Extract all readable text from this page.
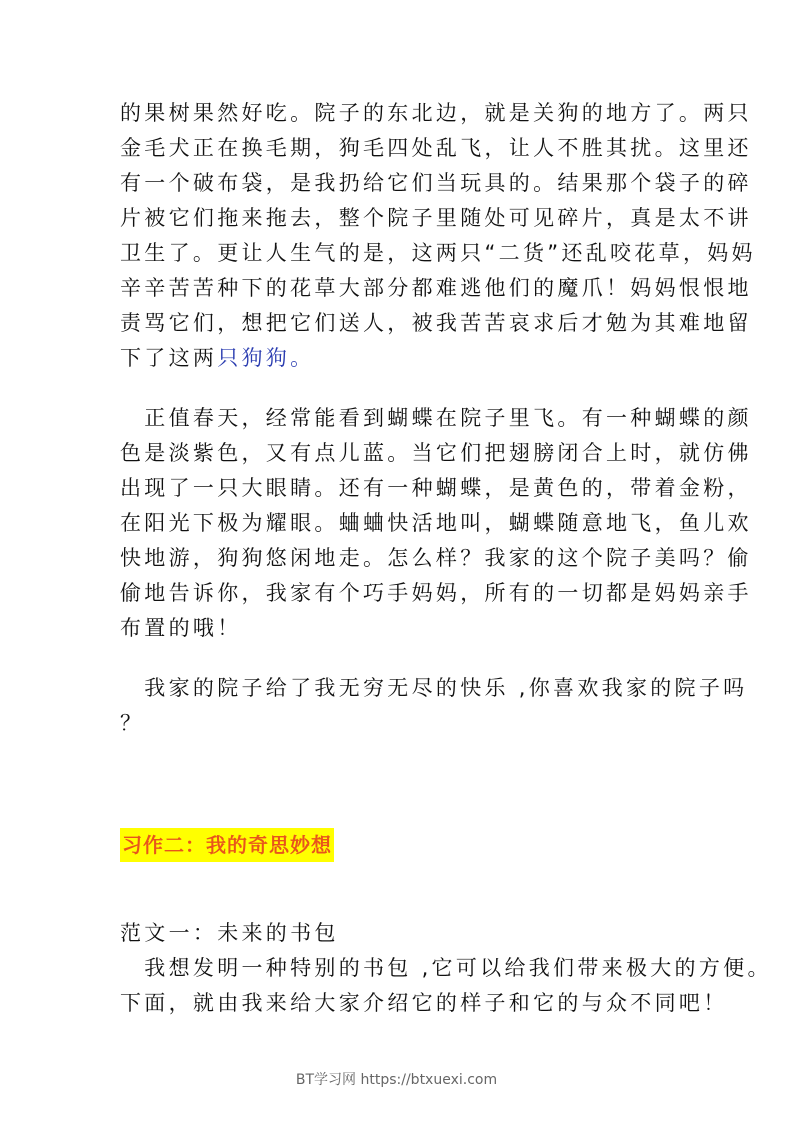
的果树果然好吃。院子的东北边，就是关狗的地方了。两只
金毛犬正在换毛期，狗毛四处乱飞，让人不胜其扰。这里还
有一个破布袋，是我扔给它们当玩具的。结果那个袋子的碎
片被它们拖来拖去，整个院子里随处可见碎片，真是太不讲
卫生了。更让人生气的是，这两只“二货”还乱咬花草，妈妈
辛辛苦苦种下的花草大部分都难逃他们的魔爪！妈妈恨恨地
责骂它们，想把它们送人，被我苦苦哀求后才勉为其难地留
下了这两只狗狗。
　正值春天，经常能看到蝴蝶在院子里飞。有一种蝴蝶的颜
色是淡紫色，又有点儿蓝。当它们把翅膀闭合上时，就仿佛
出现了一只大眼睛。还有一种蝴蝶，是黄色的，带着金粉，
在阳光下极为耀眼。蛐蛐快活地叫，蝴蝶随意地飞，鱼儿欢
快地游，狗狗悠闲地走。怎么样？我家的这个院子美吗？偷
偷地告诉你，我家有个巧手妈妈，所有的一切都是妈妈亲手
布置的哦！
　我家的院子给了我无穷无尽的快乐 ,你喜欢我家的院子吗
？
习作二：我的奇思妙想
范文一：未来的书包
　我想发明一种特别的书包 ,它可以给我们带来极大的方便。
下面，就由我来给大家介绍它的样子和它的与众不同吧！
BT学习网 https://btxuexi.com
